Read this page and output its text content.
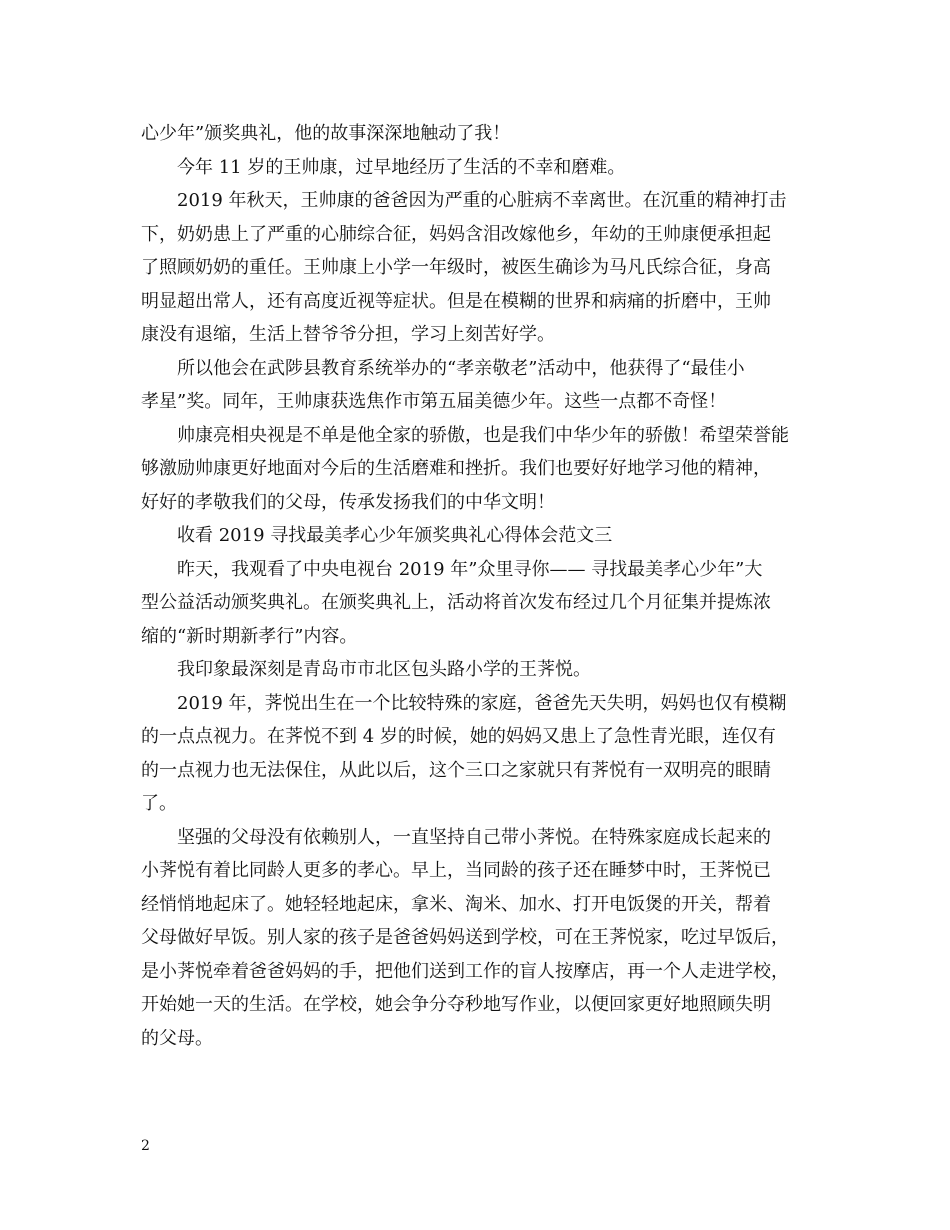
心少年”颁奖典礼，他的故事深深地触动了我！
今年 11 岁的王帅康，过早地经历了生活的不幸和磨难。
2019 年秋天，王帅康的爸爸因为严重的心脏病不幸离世。在沉重的精神打击
下，奶奶患上了严重的心肺综合征，妈妈含泪改嫁他乡，年幼的王帅康便承担起
了照顾奶奶的重任。王帅康上小学一年级时，被医生确诊为马凡氏综合征，身高
明显超出常人，还有高度近视等症状。但是在模糊的世界和病痛的折磨中，王帅
康没有退缩，生活上替爷爷分担，学习上刻苦好学。
所以他会在武陟县教育系统举办的“孝亲敬老”活动中，他获得了“最佳小
孝星”奖。同年，王帅康获选焦作市第五届美德少年。这些一点都不奇怪！
帅康亮相央视是不单是他全家的骄傲，也是我们中华少年的骄傲！希望荣誉能
够激励帅康更好地面对今后的生活磨难和挫折。我们也要好好地学习他的精神，
好好的孝敬我们的父母，传承发扬我们的中华文明！
收看 2019 寻找最美孝心少年颁奖典礼心得体会范文三
昨天，我观看了中央电视台 2019 年”众里寻你—— 寻找最美孝心少年”大
型公益活动颁奖典礼。在颁奖典礼上，活动将首次发布经过几个月征集并提炼浓
缩的“新时期新孝行”内容。
我印象最深刻是青岛市市北区包头路小学的王荠悦。
2019 年，荠悦出生在一个比较特殊的家庭，爸爸先天失明，妈妈也仅有模糊
的一点点视力。在荠悦不到 4 岁的时候，她的妈妈又患上了急性青光眼，连仅有
的一点视力也无法保住，从此以后，这个三口之家就只有荠悦有一双明亮的眼睛
了。
坚强的父母没有依赖别人，一直坚持自己带小荠悦。在特殊家庭成长起来的
小荠悦有着比同龄人更多的孝心。早上，当同龄的孩子还在睡梦中时，王荠悦已
经悄悄地起床了。她轻轻地起床，拿米、淘米、加水、打开电饭煲的开关，帮着
父母做好早饭。别人家的孩子是爸爸妈妈送到学校，可在王荠悦家，吃过早饭后，
是小荠悦牵着爸爸妈妈的手，把他们送到工作的盲人按摩店，再一个人走进学校，
开始她一天的生活。在学校，她会争分夺秒地写作业，以便回家更好地照顾失明
的父母。
2
